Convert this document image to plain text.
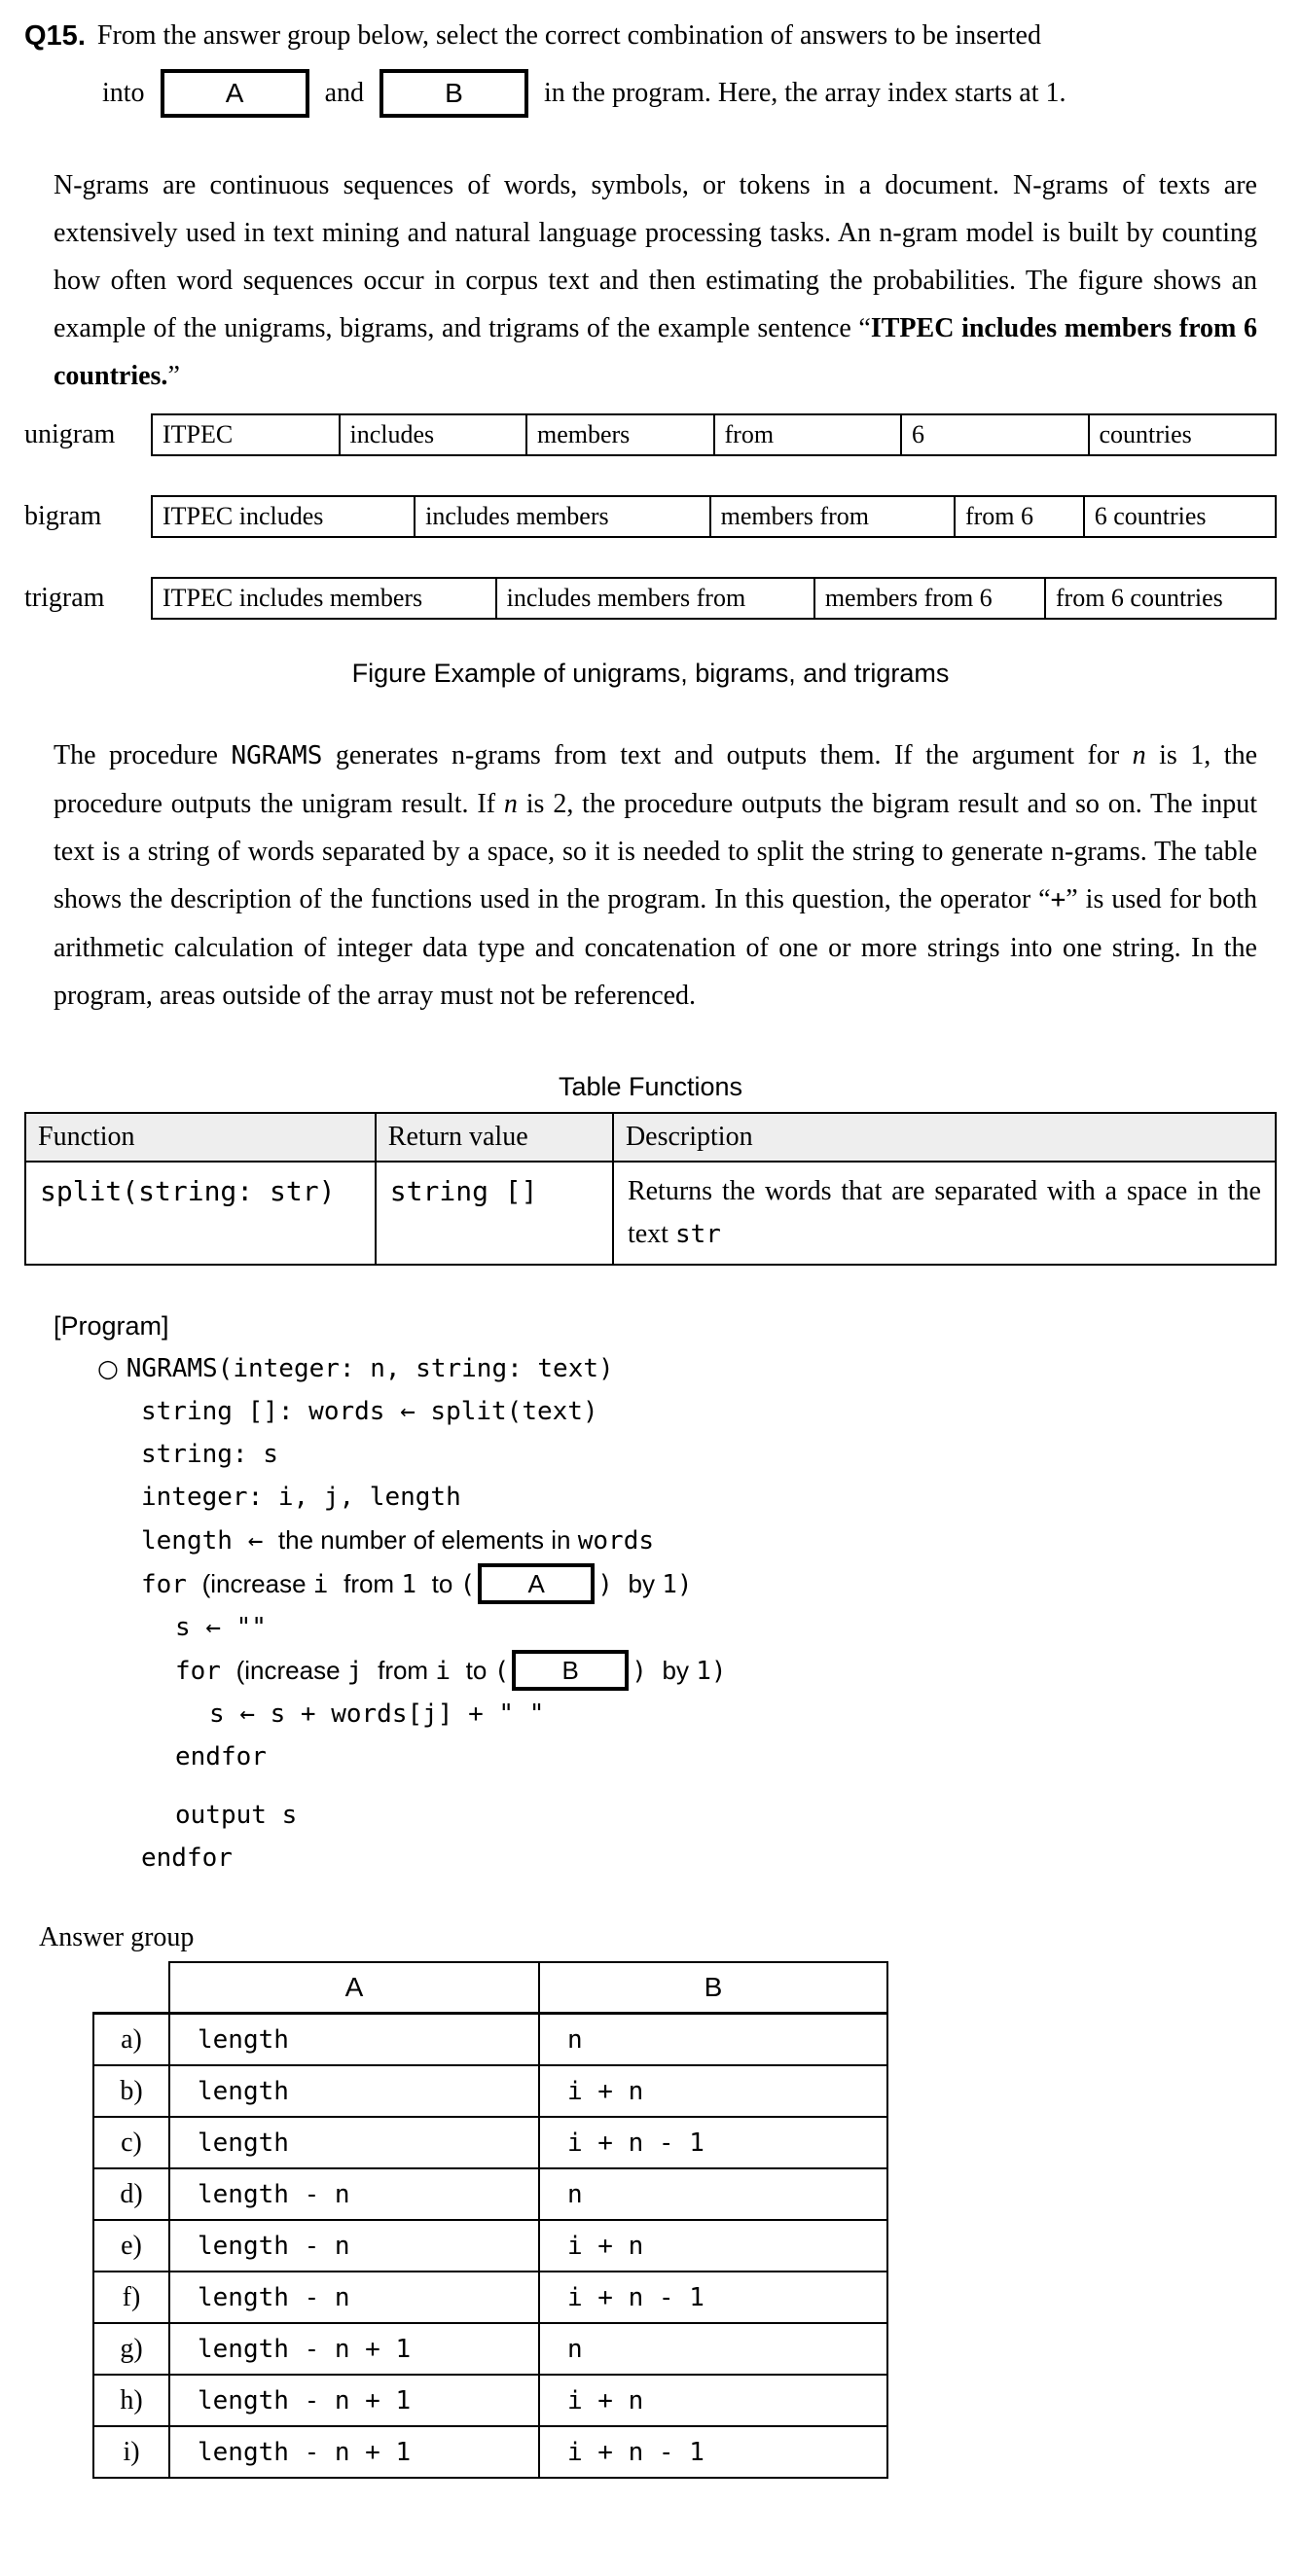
Q15. From the answer group below, select the correct combination of answers to be inserted
into	A	and	B	in the program. Here, the array index starts at 1.
N-grams are continuous sequences of words, symbols, or tokens in a document. N-grams of texts are extensively used in text mining and natural language processing tasks. An n-gram model is built by counting how often word sequences occur in corpus text and then estimating the probabilities. The figure shows an example of the unigrams, bigrams, and trigrams of the example sentence “ITPEC includes members from 6 countries.”
unigram	ITPEC	includes	members	from	6	countries
bigram	ITPEC includes	includes members	members from	from 6	6 countries
trigram	ITPEC includes members	includes members from	members from 6	from 6 countries
Figure Example of unigrams, bigrams, and trigrams
The procedure NGRAMS generates n-grams from text and outputs them. If the argument for n is 1, the procedure outputs the unigram result. If n is 2, the procedure outputs the bigram result and so on. The input text is a string of words separated by a space, so it is needed to split the string to generate n-grams. The table shows the description of the functions used in the program. In this question, the operator “+” is used for both arithmetic calculation of integer data type and concatenation of one or more strings into one string. In the program, areas outside of the array must not be referenced.
Table Functions
Function	Return value	Description
split(string: str)	string []	Returns the words that are separated with a space in the text str
[Program]
○ NGRAMS(integer: n, string: text)
string []: words ← split(text)
string: s
integer: i, j, length
length ← the number of elements in words
for (increase i from 1 to ( A ) by 1)
s ← ""
for (increase j from i to ( B ) by 1)
s ← s + words[j] + " "
endfor
output s
endfor
Answer group
	A	B
a)	length	n
b)	length	i + n
c)	length	i + n - 1
d)	length - n	n
e)	length - n	i + n
f)	length - n	i + n - 1
g)	length - n + 1	n
h)	length - n + 1	i + n
i)	length - n + 1	i + n - 1
